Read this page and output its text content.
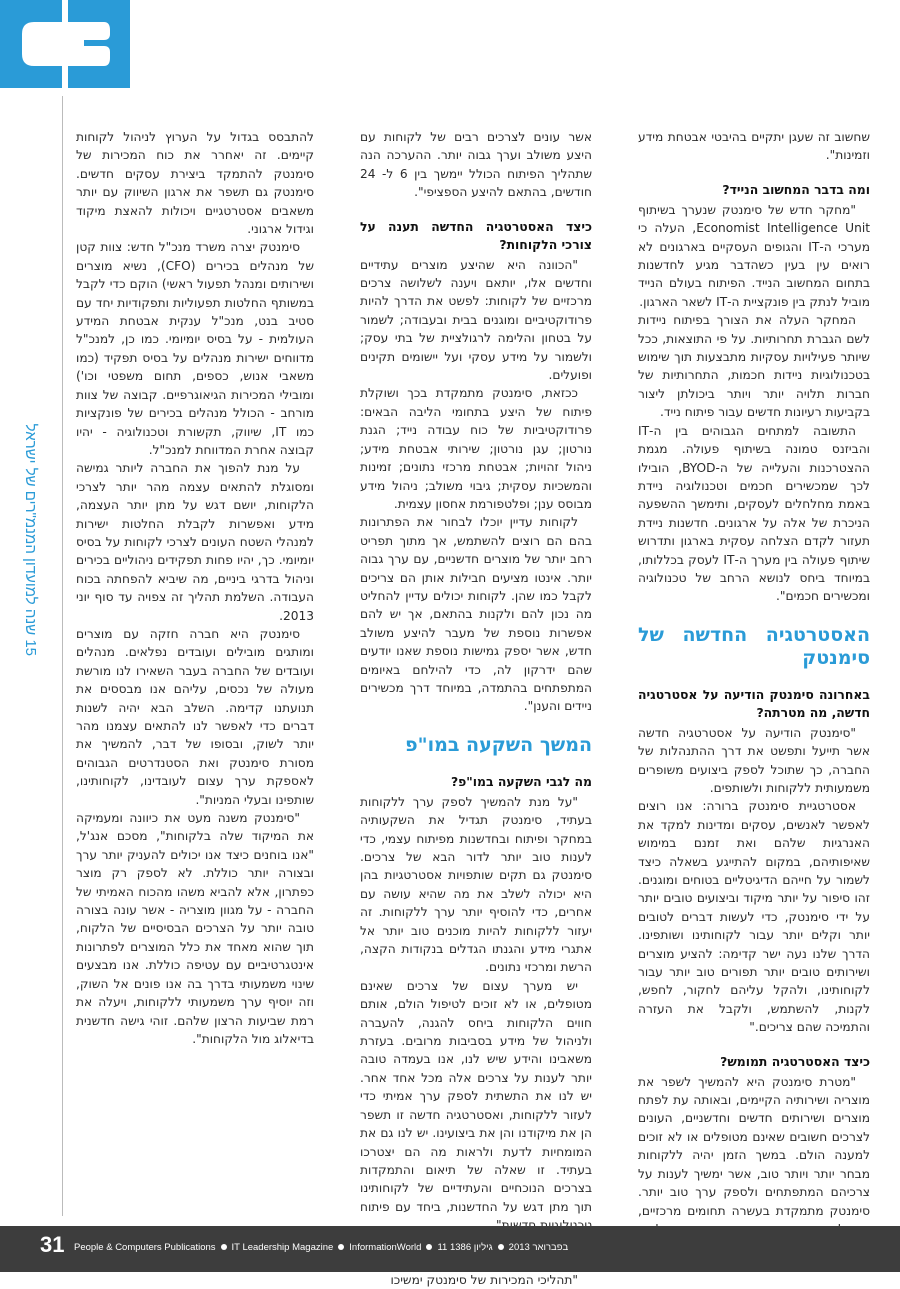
15 שנה למועדון המנמ"רים של ישראל

שחשוב זה שעגן יתקיים בהיבטי אבטחת מידע וזמינות".

ומה בדבר המחשוב הנייד?

"מחקר חדש של סימנטק שנערך בשיתוף Economist Intelligence Unit, העלה כי מערכי ה-IT והגופים העסקיים בארגונים לא רואים עין בעין כשהדבר מגיע לחדשנות בתחום המחשוב הנייד. הפיתוח בעולם הנייד מוביל לנתק בין פונקציית ה-IT לשאר הארגון.

המחקר העלה את הצורך בפיתוח ניידות לשם הגברת תחרותיות. על פי התוצאות, ככל שיותר פעילויות עסקיות מתבצעות תוך שימוש בטכנולוגיות ניידות חכמות, התחרותיות של חברות תלויה יותר ויותר ביכולתן ליצור בקביעות רעיונות חדשים עבור פיתוח נייד.

התשובה למתחים הגבוהים בין ה-IT והביזנס טמונה בשיתוף פעולה. מגמת ההצטרכנות והעלייה של ה-BYOD, הובילו לכך שמכשירים חכמים וטכנולוגיה ניידת באמת מחלחלים לעסקים, ותימשך ההשפעה הניכרת של אלה על ארגונים. חדשנות ניידת תעזור לקדם הצלחה עסקית בארגון ותדרוש שיתוף פעולה בין מערך ה-IT לעסק בכללותו, במיוחד ביחס לנושא הרחב של טכנולוגיה ומכשירים חכמים".

האסטרטגיה החדשה של סימנטק
באחרונה סימנטק הודיעה על אסטרטגיה חדשה, מה מטרתה?

"סימנטק הודיעה על אסטרטגיה חדשה אשר תייעל ותפשט את דרך ההתנהלות של החברה, כך שתוכל לספק ביצועים משופרים משמעותית ללקוחות ולשותפים.

אסטרטגיית סימנטק ברורה: אנו רוצים לאפשר לאנשים, עסקים ומדינות למקד את האנרגיות שלהם ואת זמנם במימוש שאיפותיהם, במקום להתייגע בשאלה כיצד לשמור על חייהם הדיגיטליים בטוחים ומוגנים. זהו סיפור על יותר מיקוד וביצועים טובים יותר על ידי סימנטק, כדי לעשות דברים לטובים יותר וקלים יותר עבור לקוחותינו ושותפינו. הדרך שלנו נעה ישר קדימה: להציע מוצרים ושירותים טובים יותר תפורים טוב יותר עבור לקוחותינו, ולהקל עליהם לחקור, לחפש, לקנות, להשתמש, ולקבל את העזרה והתמיכה שהם צריכים."

כיצד האסטרטגיה תמומש?

"מטרת סימנטק היא להמשיך לשפר את מוצריה ושירותיה הקיימים, ובאותה עת לפתח מוצרים ושירותים חדשים וחדשניים, העונים לצרכים חשובים שאינם מטופלים או לא זוכים למענה הולם. במשך הזמן יהיה ללקוחות מבחר יותר ויותר טוב, אשר ימשיך לענות על צרכיהם המתפתחים ולספק ערך טוב יותר. סימנטק מתמקדת בעשרה תחומים מרכזיים,

אשר עונים לצרכים רבים של לקוחות עם היצע משולב וערך גבוה יותר. ההערכה הנה שתהליך הפיתוח הכולל יימשך בין 6 ל- 24 חודשים, בהתאם להיצע הספציפי".

כיצד האסטרטגיה החדשה תענה על צורכי הלקוחות?

"הכוונה היא שהיצע מוצרים עתידיים וחדשים אלו, יותאם ויענה לשלושה צרכים מרכזיים של לקוחות: לפשט את הדרך להיות פרודוקטיביים ומוגנים בבית ובעבודה; לשמור על בטחון והלימה לרגולציית של בתי עסק; ולשמור על מידע עסקי ועל יישומים תקינים ופועלים.

ככזאת, סימנטק מתמקדת בכך ושוקלת פיתוח של היצע בתחומי הליבה הבאים: פרודוקטיביות של כוח עבודה נייד; הגנת נורטון; עגן נורטון; שירותי אבטחת מידע; ניהול זהויות; אבטחת מרכזי נתונים; זמינות והמשכיות עסקית; גיבוי משולב; ניהול מידע מבוסס ענן; ופלטפורמת אחסון עצמית.

לקוחות עדיין יוכלו לבחור את הפתרונות בהם הם רוצים להשתמש, אך מתוך תפריט רחב יותר של מוצרים חדשניים, עם ערך גבוה יותר. אינטו מציעים חבילות אותן הם צריכים לקבל כמו שהן. לקוחות יכולים עדיין להחליט מה נכון להם ולקנות בהתאם, אך יש להם אפשרות נוספת של מעבר להיצע משולב חדש, אשר יספק גמישות נוספת שאנו יודעים שהם ידרקון לה, כדי להילחם באיומים המתפתחים בהתמדה, במיוחד דרך מכשירים ניידים והענן".

המשך השקעה במו"פ
מה לגבי השקעה במו"פ?

"על מנת להמשיך לספק ערך ללקוחות בעתיד, סימנטק תגדיל את השקעותיה במחקר ופיתוח ובחדשנות מפיתוח עצמי, כדי לענות טוב יותר לדור הבא של צרכים. סימנטק גם תקים שותפויות אסטרטגיות בהן היא יכולה לשלב את מה שהיא עושה עם אחרים, כדי להוסיף יותר ערך ללקוחות. זה יעזור ללקוחות להיות מוכנים טוב יותר אל אתגרי מידע והגנתו הגדלים בנקודות הקצה, הרשת ומרכזי נתונים.

יש מערך עצום של צרכים שאינם מטופלים, או לא זוכים לטיפול הולם, אותם חווים הלקוחות ביחס להגנה, להעברה ולניהול של מידע בסביבות מרובים. בעזרת משאבינו והידע שיש לנו, אנו בעמדה טובה יותר לענות על צרכים אלה מכל אחד אחר. יש לנו את התשתית לספק ערך אמיתי כדי לעזור ללקוחות, ואסטרטגיה חדשה זו תשפר הן את מיקודנו והן את ביצועינו. יש לנו גם את המומחיות לדעת ולראות מה הם יצטרכו בעתיד. זו שאלה של תיאום והתמקדות בצרכים הנוכחיים והעתידיים של לקוחותינו תוך מתן דגש על החדשנות, ביחד עם פיתוח

"תהליכי המכירות של סימנטק ימשיכו

להתבסס בגדול על הערוץ לניהול לקוחות קיימים. זה יאחרר את כוח המכירות של סימנטק להתמקד ביצירת עסקים חדשים. סימנטק גם תשפר את ארגון השיווק עם יותר משאבים אסטרטגיים ויכולות להאצת מיקוד וגידול ארגוני.

סימנטק יצרה משרד מנכ"ל חדש: צוות קטן של מנהלים בכירים (CFO), נשיא מוצרים ושירותים ומנהל תפעול ראשי) הוקם כדי לקבל במשותף החלטות תפעוליות ותפקודיות יחד עם סטיב בנט, מנכ"ל ענקית אבטחת המידע העולמית - על בסיס יומיומי. כמו כן, למנכ"ל מדווחים ישירות מנהלים על בסיס תפקיד (כמו משאבי אנוש, כספים, תחום משפטי וכו') ומובילי המכירות הגיאוגרפיים. קבוצה של צוות מורחב - הכולל מנהלים בכירים של פונקציות כמו IT, שיווק, תקשורת וטכנולוגיה - יהיו קבוצה אחרת המדווחת למנכ"ל.

על מנת להפוך את החברה ליותר גמישה ומסוגלת להתאים עצמה מהר יותר לצרכי הלקוחות, יושם דגש על מתן יותר העצמה, מידע ואפשרות לקבלת החלטות ישירות למנהלי השטח העונים לצרכי לקוחות על בסיס יומיומי. כך, יהיו פחות תפקידים ניהוליים בכירים וניהול בדרגי ביניים, מה שיביא להפחתה בכוח העבודה. השלמת תהליך זה צפויה עד סוף יוני 2013.

סימנטק היא חברה חזקה עם מוצרים ומותגים מובילים ועובדים נפלאים. מנהלים ועובדים של החברה בעבר השאירו לנו מורשת מעולה של נכסים, עליהם אנו מבססים את תנועתנו קדימה. השלב הבא יהיה לשנות דברים כדי לאפשר לנו להתאים עצמנו מהר יותר לשוק, ובסופו של דבר, להמשיך את מסורת סימנטק ואת הסטנדרטים הגבוהים לאספקת ערך עצום לעובדינו, לקוחותינו, שותפינו ובעלי המניות".

"סימנטק משנה מעט את כיוונה ומעמיקה את המיקוד שלה בלקוחות", מסכם אנג'ל, "אנו בוחנים כיצד אנו יכולים להעניק יותר ערך ובצורה יותר כוללת. לא לספק רק מוצר כפתרון, אלא להביא משהו מהכוח האמיתי של החברה - על מגוון מוצריה - אשר עונה בצורה טובה יותר על הצרכים הבסיסיים של הלקוח, תוך שהוא מאחד את כלל המוצרים לפתרונות אינטגרטיביים עם עטיפה כוללת. אנו מבצעים שינוי משמעותי בדרך בה אנו פונים אל השוק, וזה יוסיף ערך משמעותי ללקוחות, ויעלה את רמת שביעות הרצון שלהם. זוהי גישה חדשנית בדיאלוג מול הלקוחות".

31 People & Computers Publications IT Leadership Magazine InformationWorld 11 בפברואר 2013גיליון 1386
